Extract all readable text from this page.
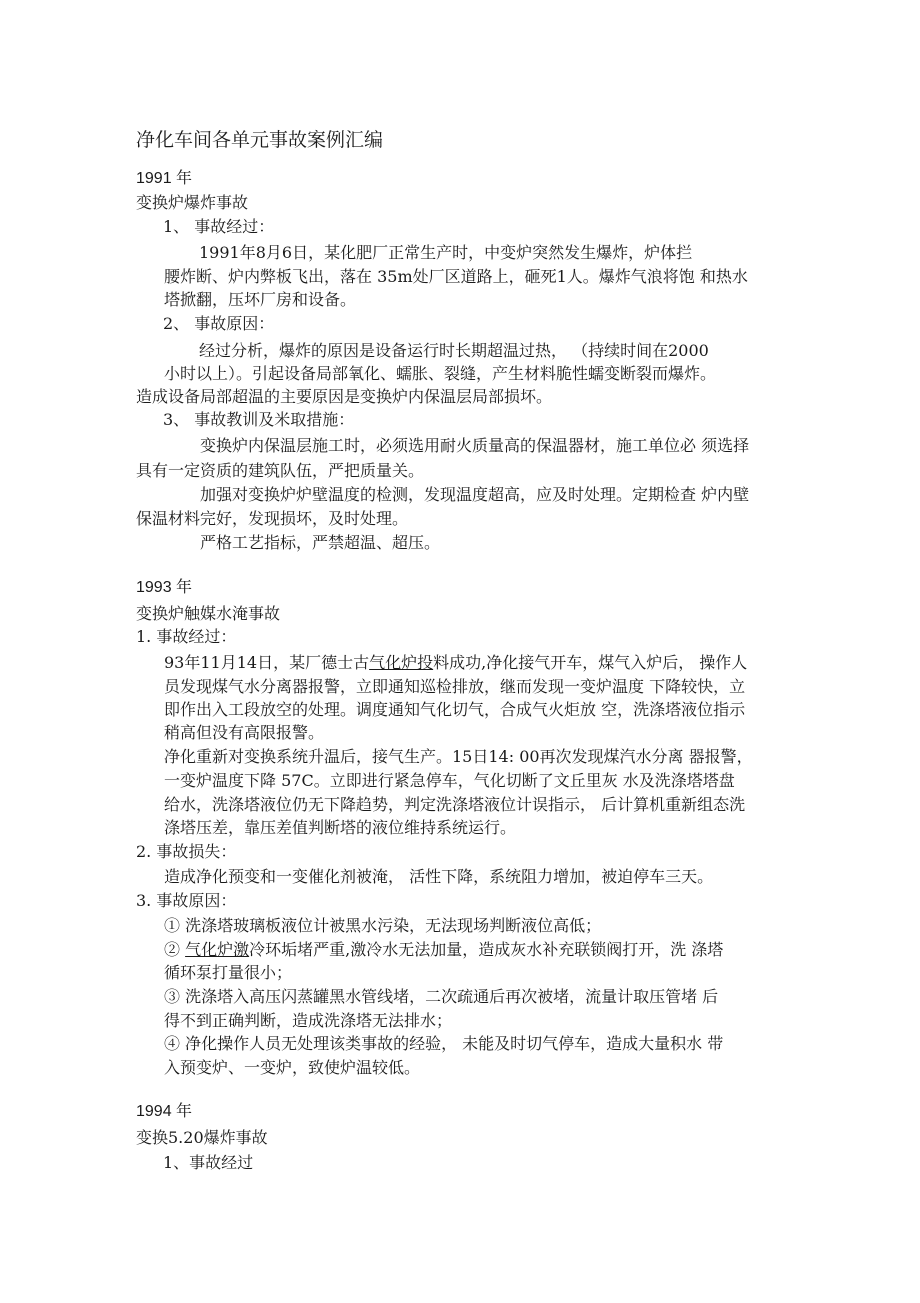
净化车间各单元事故案例汇编
1991 年
变换炉爆炸事故
1、 事故经过：
1991年8月6日，某化肥厂正常生产时，中变炉突然发生爆炸，炉体拦
腰炸断、炉内弊板飞出，落在 35m处厂区道路上，砸死1人。爆炸气浪将饱 和热水
塔掀翻，压坏厂房和设备。
2、 事故原因：
经过分析，爆炸的原因是设备运行时长期超温过热， （持续时间在2000
小时以上）。引起设备局部氧化、蠕胀、裂缝，产生材料脆性蠕变断裂而爆炸。
造成设备局部超温的主要原因是变换炉内保温层局部损坏。
3、 事故教训及米取措施：
变换炉内保温层施工时，必须选用耐火质量高的保温器材，施工单位必 须选择
具有一定资质的建筑队伍，严把质量关。
加强对变换炉炉壁温度的检测，发现温度超高，应及时处理。定期检查 炉内壁
保温材料完好，发现损坏，及时处理。
严格工艺指标，严禁超温、超压。
1993 年
变换炉触媒水淹事故
1. 事故经过：
93年11月14日，某厂德士古气化炉投料成功,净化接气开车，煤气入炉后， 操作人
员发现煤气水分离器报警，立即通知巡检排放，继而发现一变炉温度 下降较快，立
即作出入工段放空的处理。调度通知气化切气，合成气火炬放 空，洗涤塔液位指示
稍高但没有高限报警。
净化重新对变换系统升温后，接气生产。15日14: 00再次发现煤汽水分离 器报警，
一变炉温度下降 57C。立即进行紧急停车，气化切断了文丘里灰 水及洗涤塔塔盘
给水，洗涤塔液位仍无下降趋势，判定洗涤塔液位计误指示， 后计算机重新组态洗
涤塔压差，靠压差值判断塔的液位维持系统运行。
2. 事故损失：
造成净化预变和一变催化剂被淹， 活性下降，系统阻力增加，被迫停车三天。
3. 事故原因：
① 洗涤塔玻璃板液位计被黑水污染，无法现场判断液位高低；
② 气化炉激冷环垢堵严重,激冷水无法加量，造成灰水补充联锁阀打开，洗 涤塔
循环泵打量很小；
③ 洗涤塔入高压闪蒸罐黑水管线堵，二次疏通后再次被堵，流量计取压管堵 后
得不到正确判断，造成洗涤塔无法排水；
④ 净化操作人员无处理该类事故的经验， 未能及时切气停车，造成大量积水 带
入预变炉、一变炉，致使炉温较低。
1994 年
变换5.20爆炸事故
1、事故经过
